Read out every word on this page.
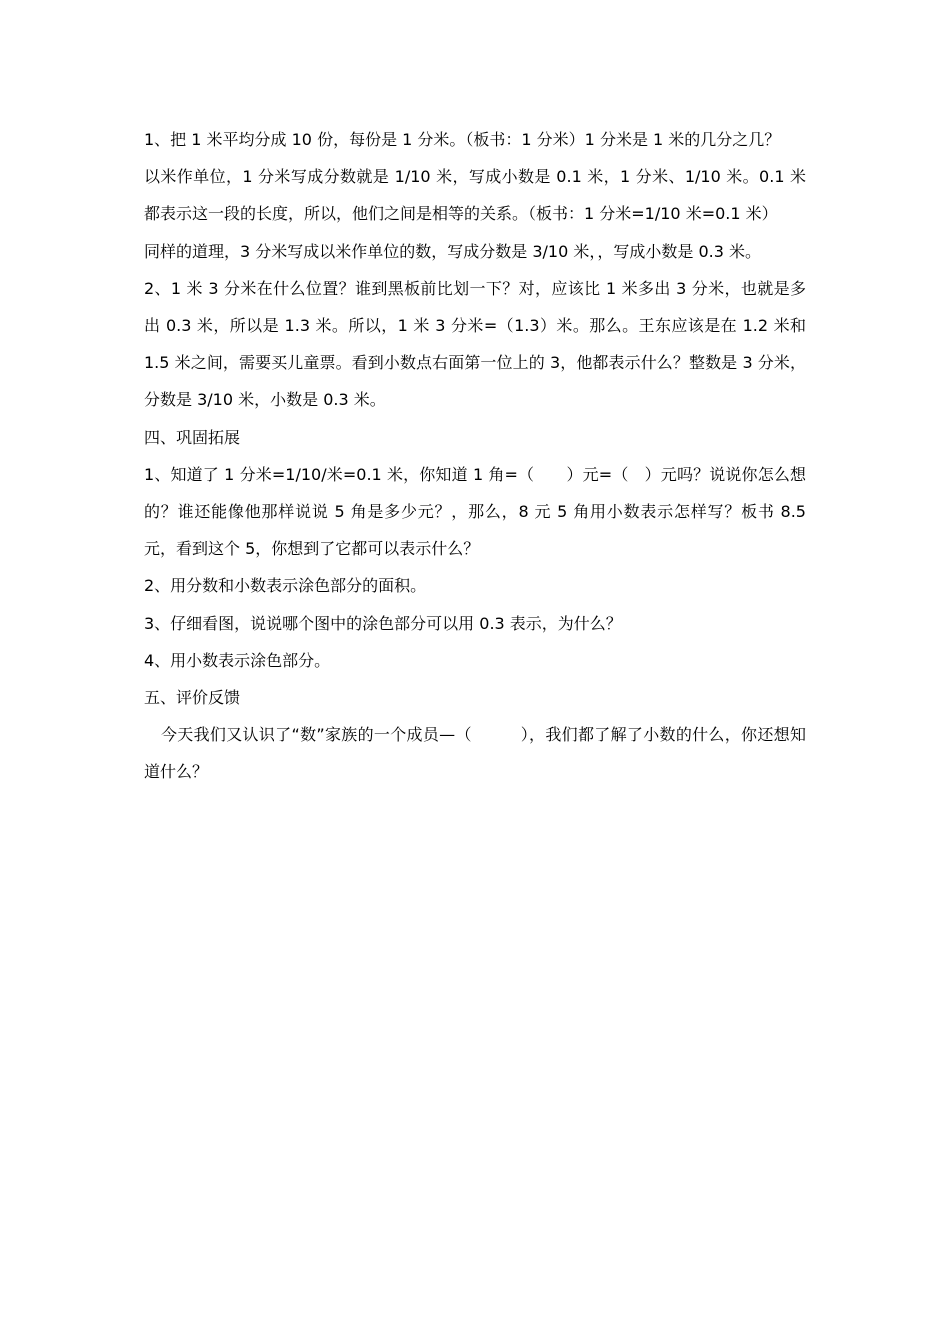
1、把 1 米平均分成 10 份，每份是 1 分米。（板书：1 分米）1 分米是 1 米的几分之几？

以米作单位，1 分米写成分数就是 1/10 米，写成小数是 0.1 米，1 分米、1/10 米。0.1 米都表示这一段的长度，所以，他们之间是相等的关系。（板书：1 分米=1/10 米=0.1 米）

同样的道理，3 分米写成以米作单位的数，写成分数是 3/10 米，，写成小数是 0.3 米。

2、1 米 3 分米在什么位置？谁到黑板前比划一下？对，应该比 1 米多出 3 分米，也就是多出 0.3 米，所以是 1.3 米。所以，1 米 3 分米=（1.3）米。那么。王东应该是在 1.2 米和 1.5 米之间，需要买儿童票。看到小数点右面第一位上的 3，他都表示什么？整数是 3 分米，分数是 3/10 米，小数是 0.3 米。

四、巩固拓展

1、知道了 1 分米=1/10/米=0.1 米，你知道 1 角=（　　）元=（　）元吗？说说你怎么想的？谁还能像他那样说说 5 角是多少元？，那么，8 元 5 角用小数表示怎样写？板书 8.5 元，看到这个 5，你想到了它都可以表示什么？

2、用分数和小数表示涂色部分的面积。

3、仔细看图，说说哪个图中的涂色部分可以用 0.3 表示，为什么？

4、用小数表示涂色部分。

五、评价反馈

今天我们又认识了“数”家族的一个成员—（　　　），我们都了解了小数的什么，你还想知道什么？
